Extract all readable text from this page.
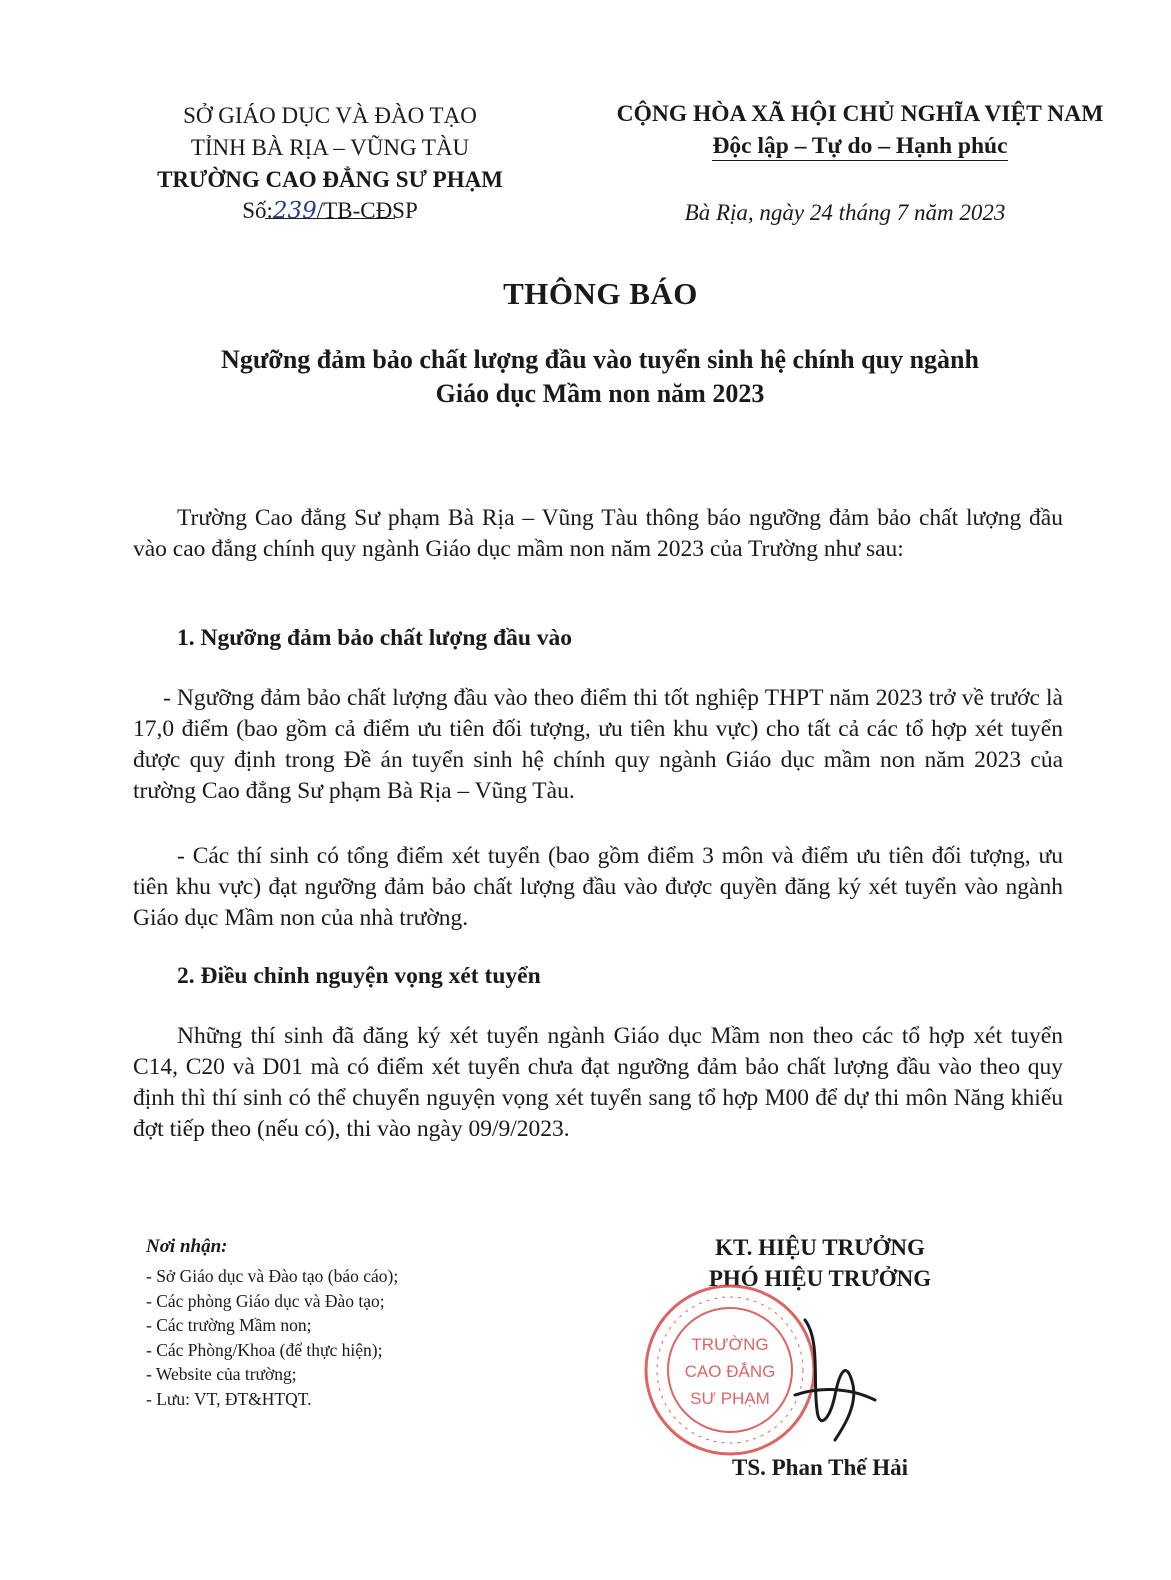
SỞ GIÁO DỤC VÀ ĐÀO TẠO
TỈNH BÀ RỊA – VŨNG TÀU
TRƯỜNG CAO ĐẲNG SƯ PHẠM
Số:239/TB-CĐSP
CỘNG HÒA XÃ HỘI CHỦ NGHĨA VIỆT NAM
Độc lập – Tự do – Hạnh phúc
Bà Rịa, ngày 24 tháng 7 năm 2023
THÔNG BÁO
Ngưỡng đảm bảo chất lượng đầu vào tuyển sinh hệ chính quy ngành
Giáo dục Mầm non năm 2023
Trường Cao đẳng Sư phạm Bà Rịa – Vũng Tàu thông báo ngưỡng đảm bảo chất lượng đầu vào cao đẳng chính quy ngành Giáo dục mầm non năm 2023 của Trường như sau:
1. Ngưỡng đảm bảo chất lượng đầu vào
- Ngưỡng đảm bảo chất lượng đầu vào theo điểm thi tốt nghiệp THPT năm 2023 trở về trước là 17,0 điểm (bao gồm cả điểm ưu tiên đối tượng, ưu tiên khu vực) cho tất cả các tổ hợp xét tuyển được quy định trong Đề án tuyển sinh hệ chính quy ngành Giáo dục mầm non năm 2023 của trường Cao đẳng Sư phạm Bà Rịa – Vũng Tàu.
- Các thí sinh có tổng điểm xét tuyển (bao gồm điểm 3 môn và điểm ưu tiên đối tượng, ưu tiên khu vực) đạt ngưỡng đảm bảo chất lượng đầu vào được quyền đăng ký xét tuyển vào ngành Giáo dục Mầm non của nhà trường.
2. Điều chỉnh nguyện vọng xét tuyển
Những thí sinh đã đăng ký xét tuyển ngành Giáo dục Mầm non theo các tổ hợp xét tuyển C14, C20 và D01 mà có điểm xét tuyển chưa đạt ngưỡng đảm bảo chất lượng đầu vào theo quy định thì thí sinh có thể chuyển nguyện vọng xét tuyển sang tổ hợp M00 để dự thi môn Năng khiếu đợt tiếp theo (nếu có), thi vào ngày 09/9/2023.
Nơi nhận:
- Sở Giáo dục và Đào tạo (báo cáo);
- Các phòng Giáo dục và Đào tạo;
- Các trường Mầm non;
- Các Phòng/Khoa (để thực hiện);
- Website của trường;
- Lưu: VT, ĐT&HTQT.
KT. HIỆU TRƯỞNG
PHÓ HIỆU TRƯỞNG
TRƯỜNG
CAO ĐẲNG
SƯ PHẠM
TS. Phan Thế Hải
